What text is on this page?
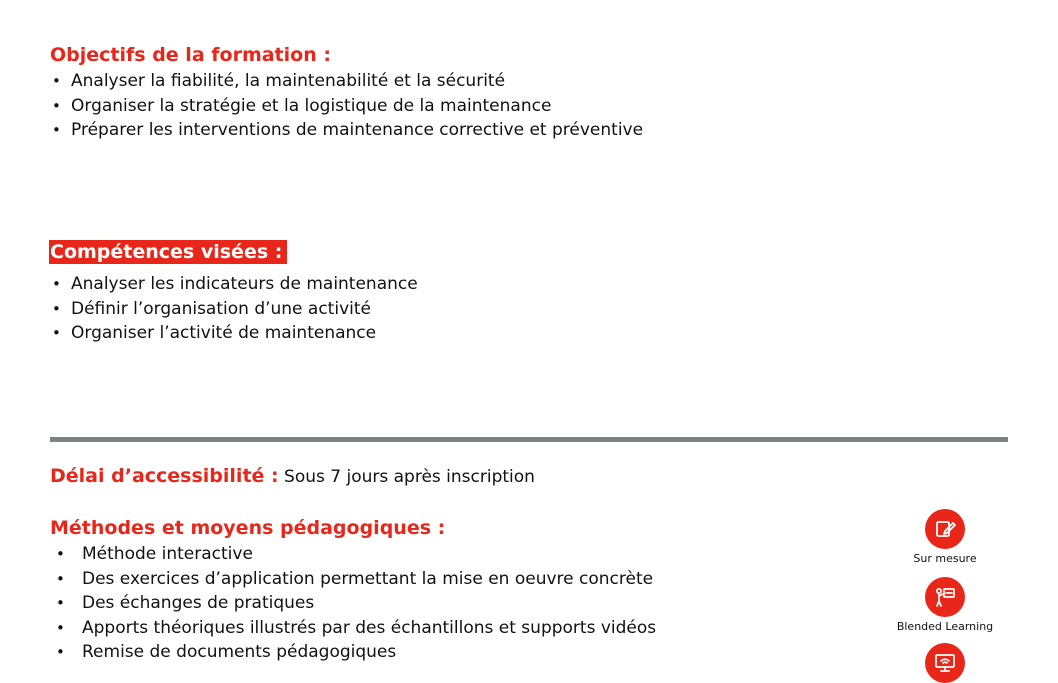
Objectifs de la formation :
• Analyser la fiabilité, la maintenabilité et la sécurité
• Organiser la stratégie et la logistique de la maintenance
• Préparer les interventions de maintenance corrective et préventive
Compétences visées :
• Analyser les indicateurs de maintenance
• Définir l’organisation d’une activité
• Organiser l’activité de maintenance
Délai d’accessibilité : Sous 7 jours après inscription
Méthodes et moyens pédagogiques :
• Méthode interactive
• Des exercices d’application permettant la mise en oeuvre concrète
• Des échanges de pratiques
• Apports théoriques illustrés par des échantillons et supports vidéos
• Remise de documents pédagogiques
Sur mesure
Blended Learning
